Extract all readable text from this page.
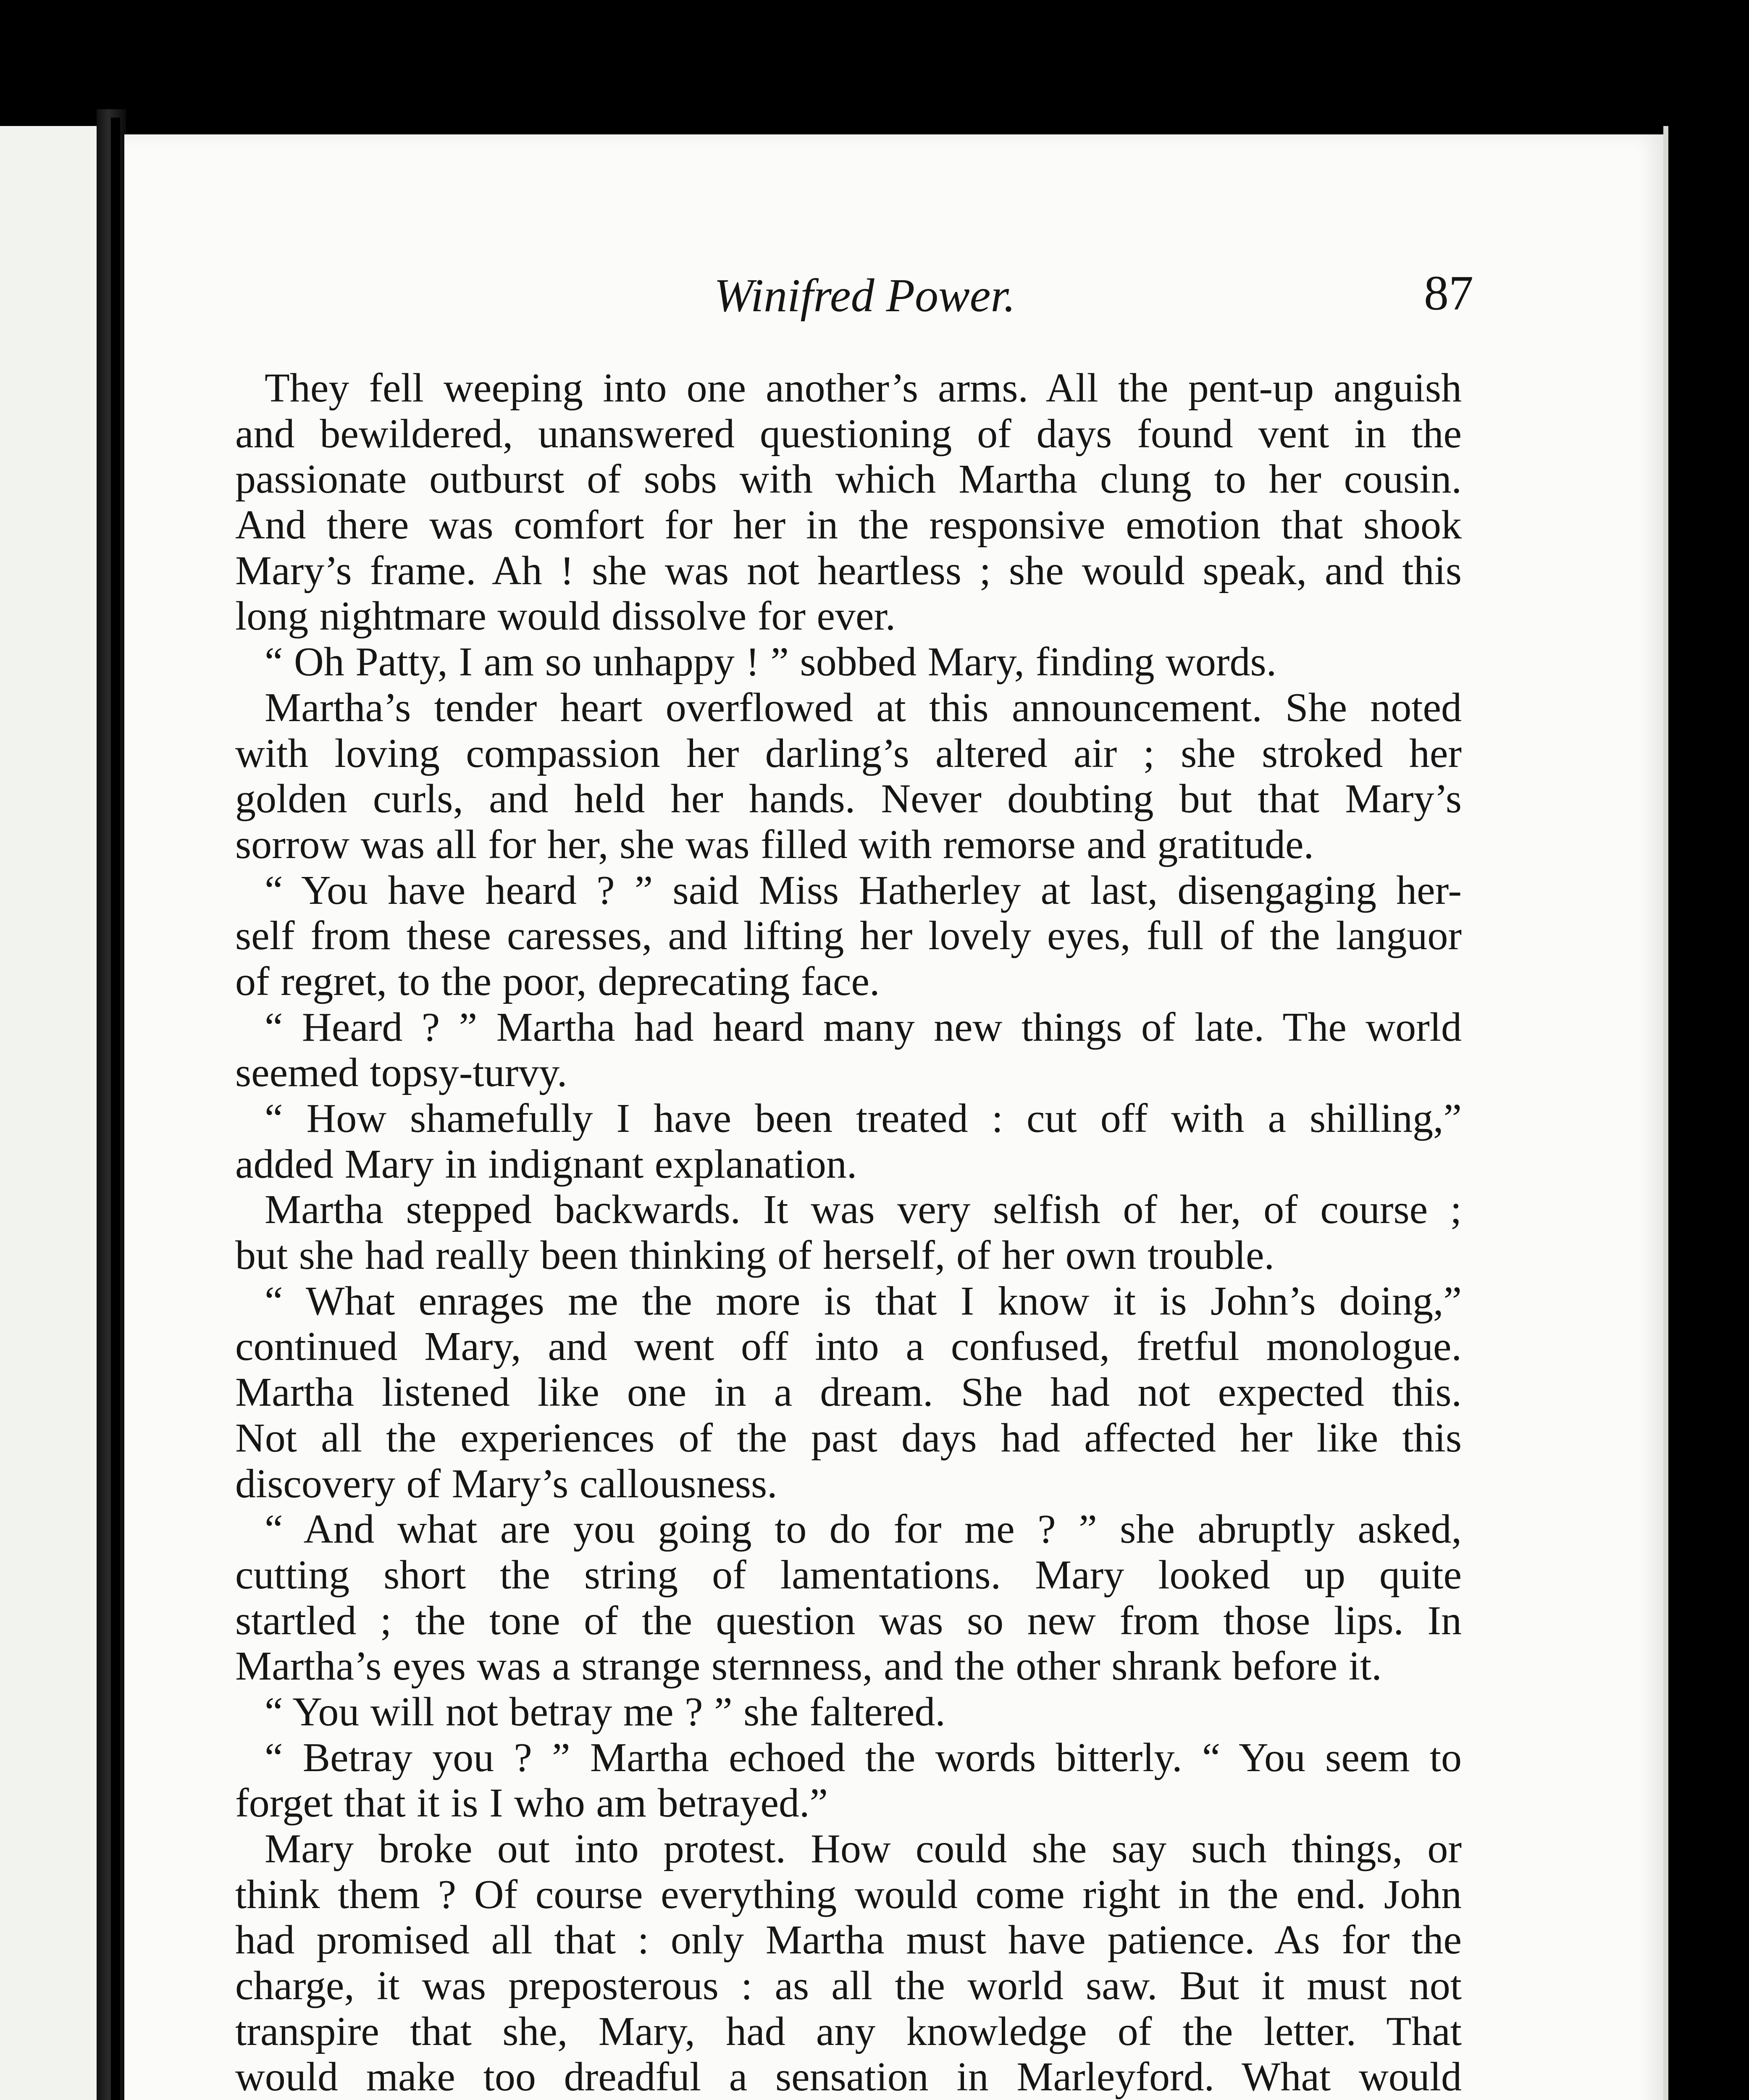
Winifred Power.	87
They fell weeping into one another’s arms. All the pent-up anguish
and bewildered, unanswered questioning of days found vent in the
passionate outburst of sobs with which Martha clung to her cousin.
And there was comfort for her in the responsive emotion that shook
Mary’s frame. Ah ! she was not heartless ; she would speak, and this
long nightmare would dissolve for ever.
“ Oh Patty, I am so unhappy ! ” sobbed Mary, finding words.
Martha’s tender heart overflowed at this announcement. She noted
with loving compassion her darling’s altered air ; she stroked her
golden curls, and held her hands. Never doubting but that Mary’s
sorrow was all for her, she was filled with remorse and gratitude.
“ You have heard ? ” said Miss Hatherley at last, disengaging her-
self from these caresses, and lifting her lovely eyes, full of the languor
of regret, to the poor, deprecating face.
“ Heard ? ” Martha had heard many new things of late. The world
seemed topsy-turvy.
“ How shamefully I have been treated : cut off with a shilling,”
added Mary in indignant explanation.
Martha stepped backwards. It was very selfish of her, of course ;
but she had really been thinking of herself, of her own trouble.
“ What enrages me the more is that I know it is John’s doing,”
continued Mary, and went off into a confused, fretful monologue.
Martha listened like one in a dream. She had not expected this.
Not all the experiences of the past days had affected her like this
discovery of Mary’s callousness.
“ And what are you going to do for me ? ” she abruptly asked,
cutting short the string of lamentations. Mary looked up quite
startled ; the tone of the question was so new from those lips. In
Martha’s eyes was a strange sternness, and the other shrank before it.
“ You will not betray me ? ” she faltered.
“ Betray you ? ” Martha echoed the words bitterly. “ You seem to
forget that it is I who am betrayed.”
Mary broke out into protest. How could she say such things, or
think them ? Of course everything would come right in the end. John
had promised all that : only Martha must have patience. As for the
charge, it was preposterous : as all the world saw. But it must not
transpire that she, Mary, had any knowledge of the letter. That
would make too dreadful a sensation in Marleyford. What would
